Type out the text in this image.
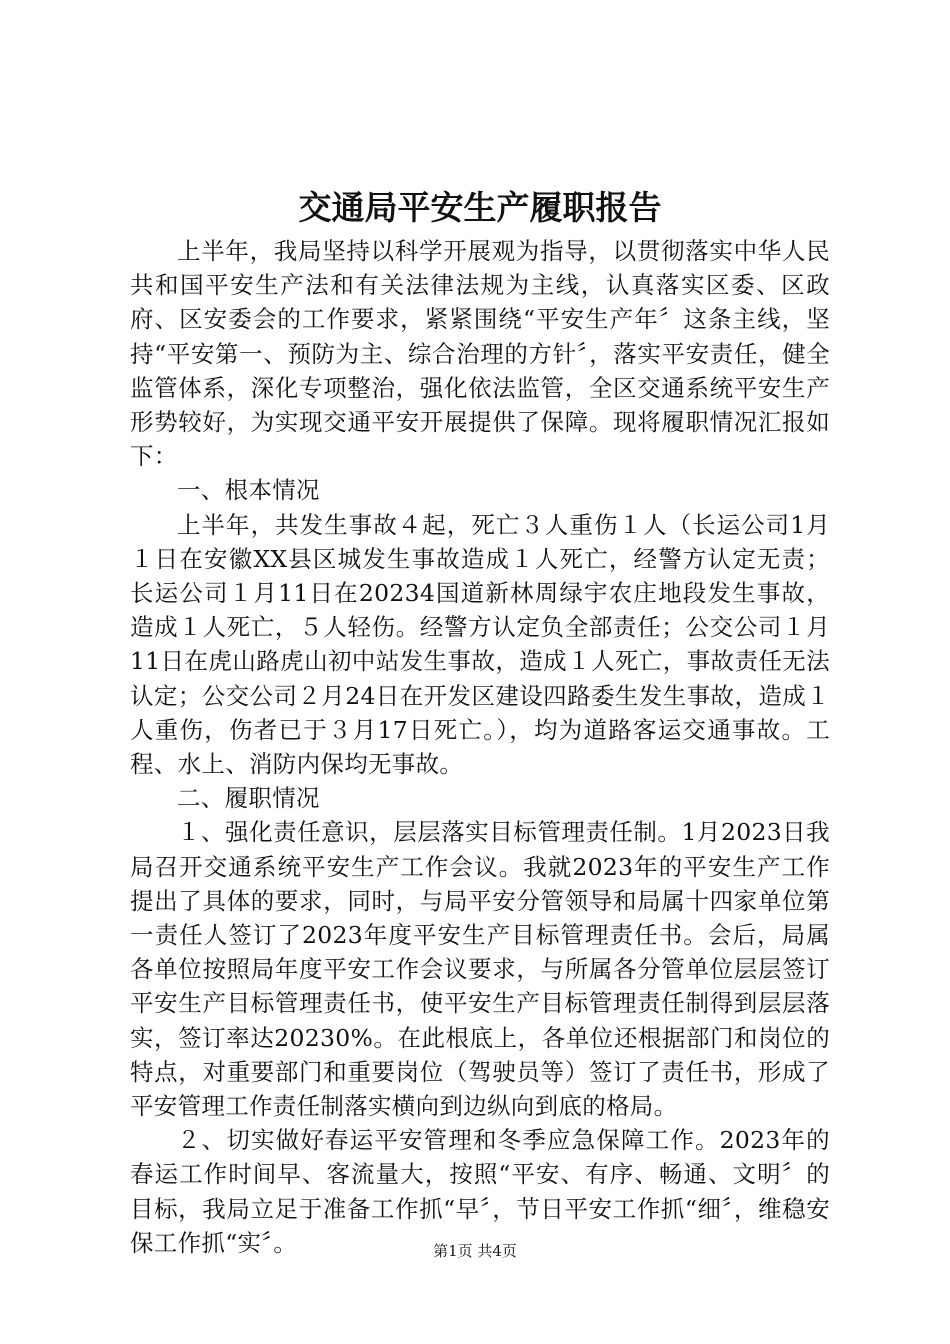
交通局平安生产履职报告

上半年，我局坚持以科学开展观为指导，以贯彻落实中华人民共和国平安生产法和有关法律法规为主线，认真落实区委、区政府、区安委会的工作要求，紧紧围绕“平安生产年〞这条主线，坚持“平安第一、预防为主、综合治理的方针〞，落实平安责任，健全监管体系，深化专项整治，强化依法监管，全区交通系统平安生产形势较好，为实现交通平安开展提供了保障。现将履职情况汇报如下：

一、根本情况

上半年，共发生事故４起，死亡３人重伤１人（长运公司1月１日在安徽XX县区城发生事故造成１人死亡，经警方认定无责；长运公司１月11日在20234国道新林周绿宇农庄地段发生事故，造成１人死亡，５人轻伤。经警方认定负全部责任；公交公司１月11日在虎山路虎山初中站发生事故，造成１人死亡，事故责任无法认定；公交公司２月24日在开发区建设四路委生发生事故，造成１人重伤，伤者已于３月17日死亡。），均为道路客运交通事故。工程、水上、消防内保均无事故。

二、履职情况

１、强化责任意识，层层落实目标管理责任制。1月2023日我局召开交通系统平安生产工作会议。我就2023年的平安生产工作提出了具体的要求，同时，与局平安分管领导和局属十四家单位第一责任人签订了2023年度平安生产目标管理责任书。会后，局属各单位按照局年度平安工作会议要求，与所属各分管单位层层签订平安生产目标管理责任书，使平安生产目标管理责任制得到层层落实，签订率达20230%。在此根底上，各单位还根据部门和岗位的特点，对重要部门和重要岗位（驾驶员等）签订了责任书，形成了平安管理工作责任制落实横向到边纵向到底的格局。

２、切实做好春运平安管理和冬季应急保障工作。2023年的春运工作时间早、客流量大，按照“平安、有序、畅通、文明〞的目标，我局立足于准备工作抓“早〞，节日平安工作抓“细〞，维稳安保工作抓“实〞。	第1页 共4页
